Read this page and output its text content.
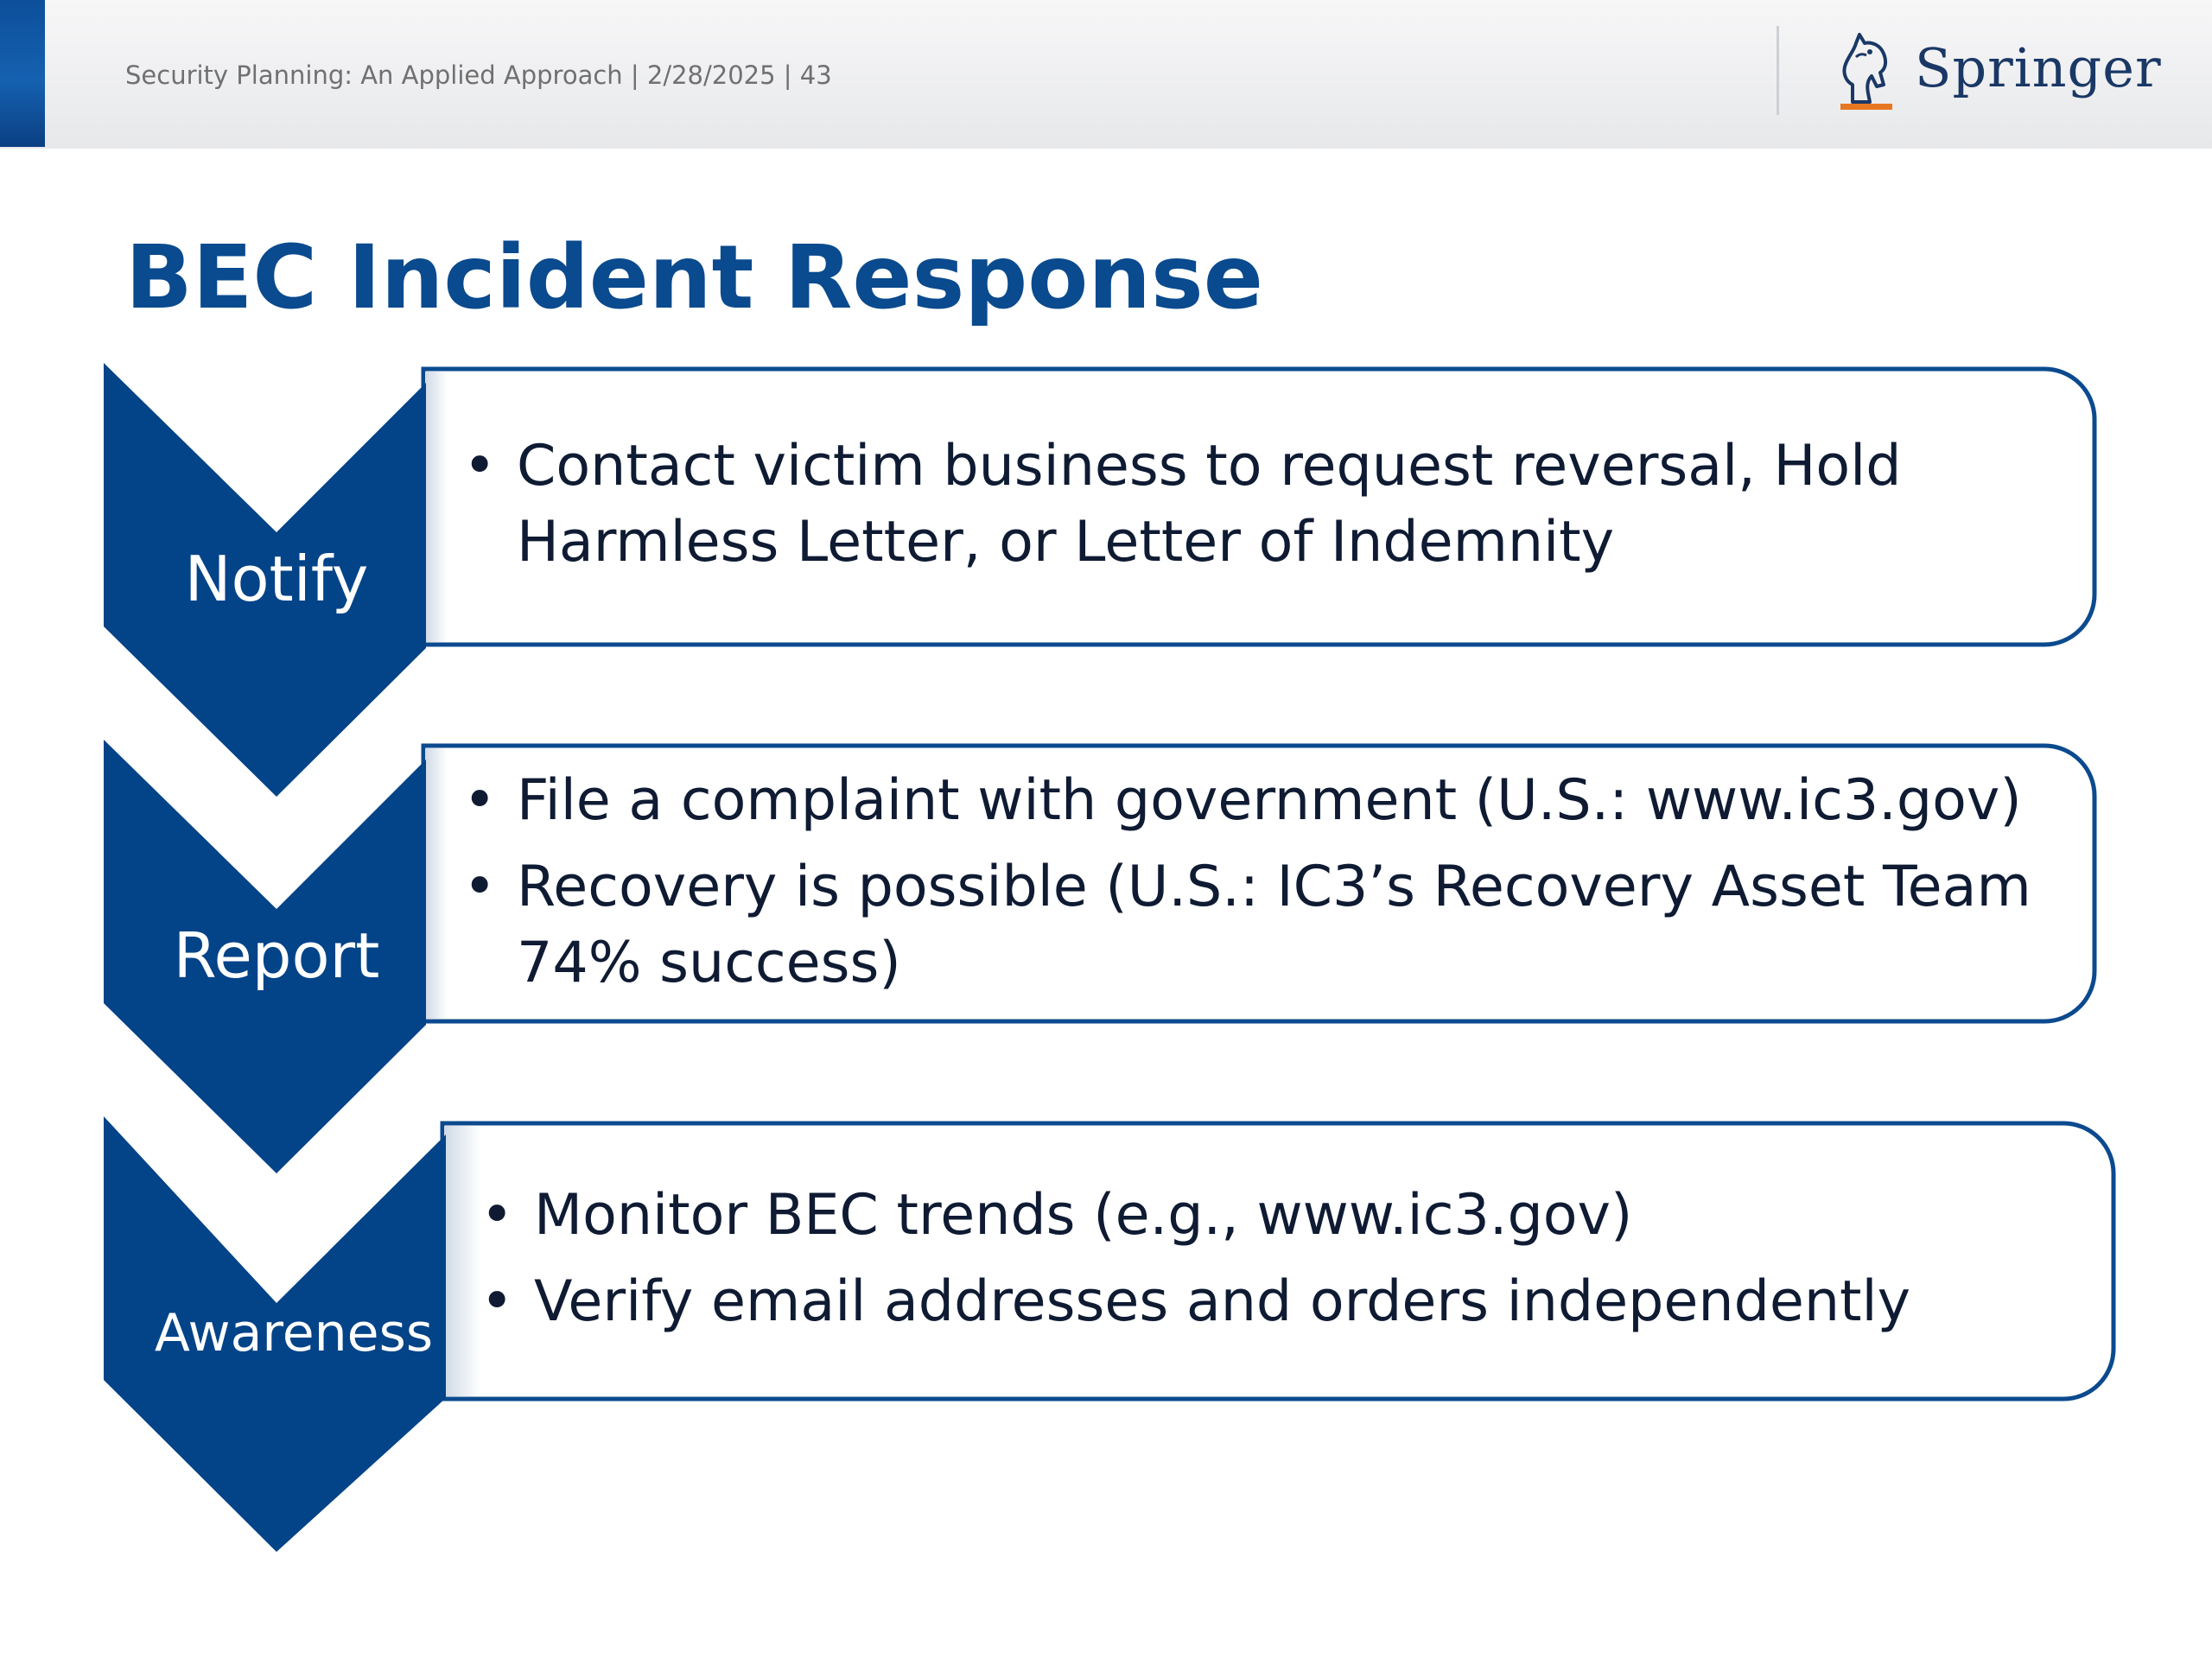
Security Planning: An Applied Approach | 2/28/2025 | 43	Springer
BEC Incident Response
Notify
Report
Awareness
• Contact victim business to request reversal, Hold
Harmless Letter, or Letter of Indemnity
• File a complaint with government (U.S.: www.ic3.gov)
• Recovery is possible (U.S.: IC3’s Recovery Asset Team
74% success)
• Monitor BEC trends (e.g., www.ic3.gov)
• Verify email addresses and orders independently
